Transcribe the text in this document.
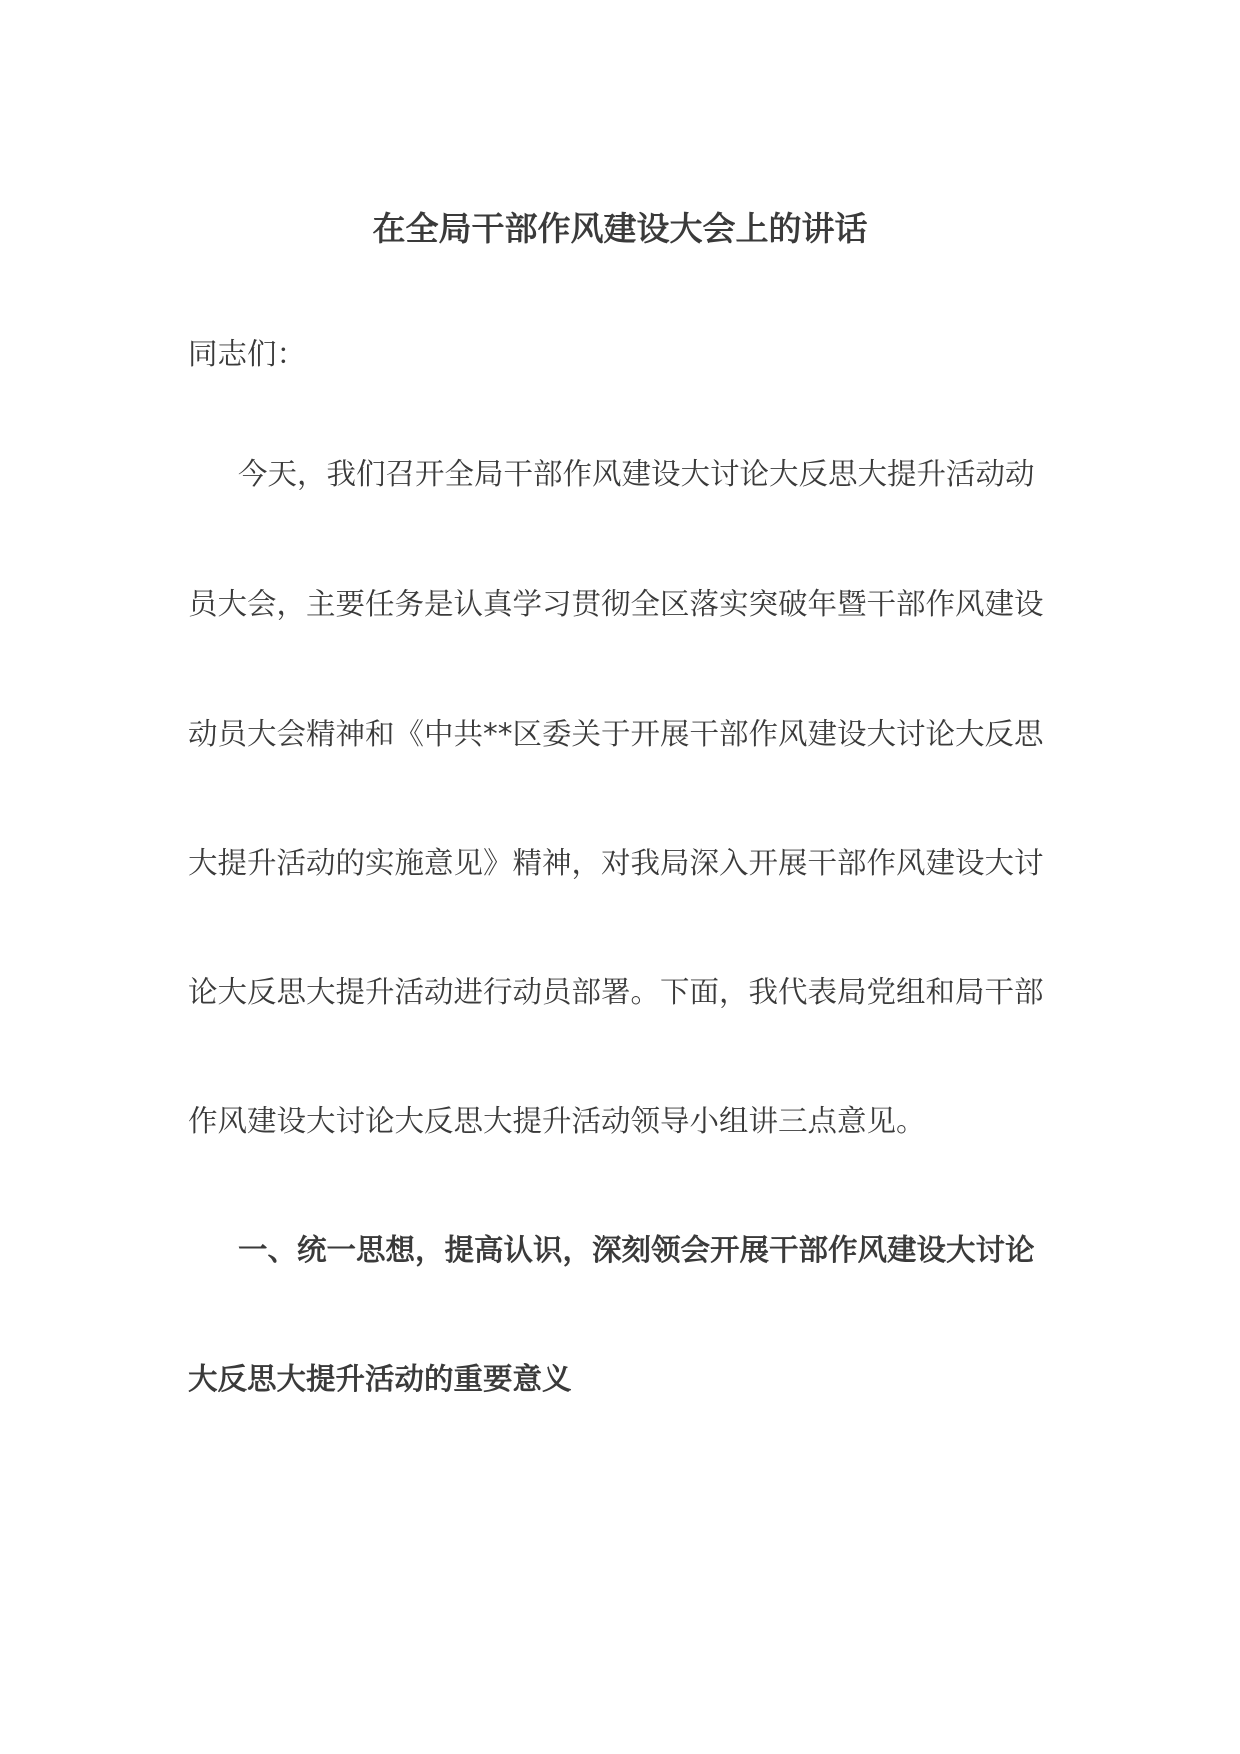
在全局干部作风建设大会上的讲话
同志们：
今天，我们召开全局干部作风建设大讨论大反思大提升活动动
员大会，主要任务是认真学习贯彻全区落实突破年暨干部作风建设
动员大会精神和《中共**区委关于开展干部作风建设大讨论大反思
大提升活动的实施意见》精神，对我局深入开展干部作风建设大讨
论大反思大提升活动进行动员部署。下面，我代表局党组和局干部
作风建设大讨论大反思大提升活动领导小组讲三点意见。
一、统一思想，提高认识，深刻领会开展干部作风建设大讨论
大反思大提升活动的重要意义
